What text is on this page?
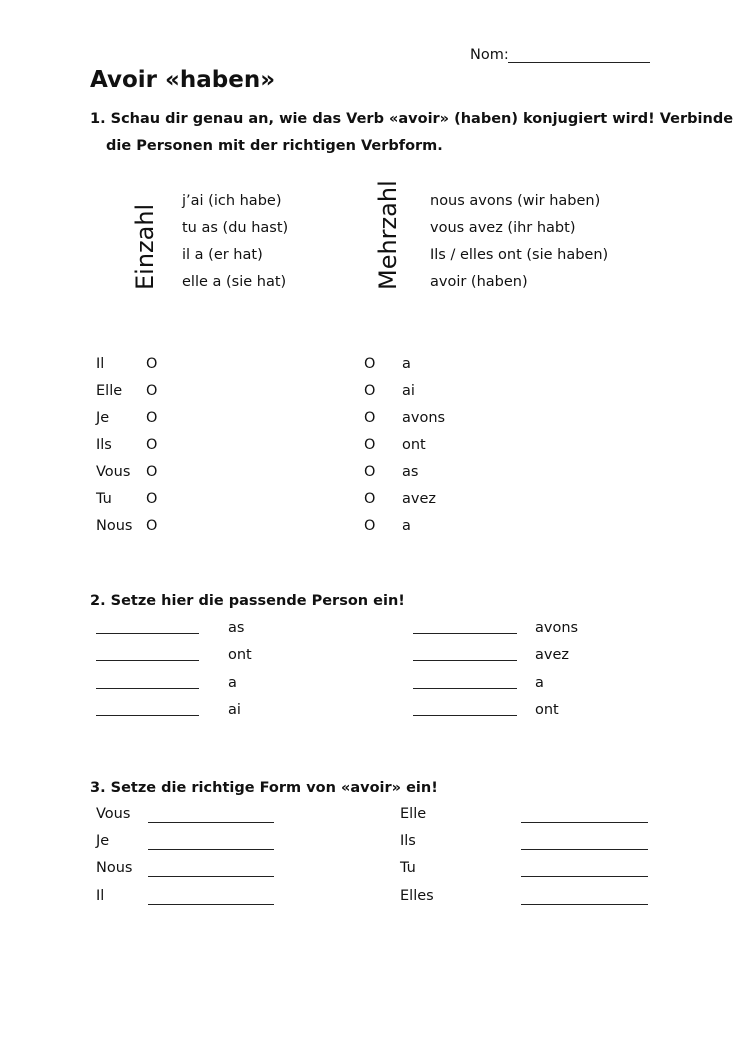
Nom:
Avoir «haben»
1. Schau dir genau an, wie das Verb «avoir» (haben) konjugiert wird! Verbinde
die Personen mit der richtigen Verbform.
Einzahl	Mehrzahl
j’ai (ich habe)
tu as (du hast)
il a (er hat)
elle a (sie hat)
nous avons (wir haben)
vous avez (ihr habt)
Ils / elles ont (sie haben)
avoir (haben)
Il	O	O a
Elle O	O ai
Je	O	O avons
Ils O	O ont
Vous O	O as
Tu O	O avez
Nous O	O a
2. Setze hier die passende Person ein!
as	avons
ont	avez
a	a
ai	ont
3. Setze die richtige Form von «avoir» ein!
Vous	Elle
Je	Ils
Nous	Tu
Il	Elles
